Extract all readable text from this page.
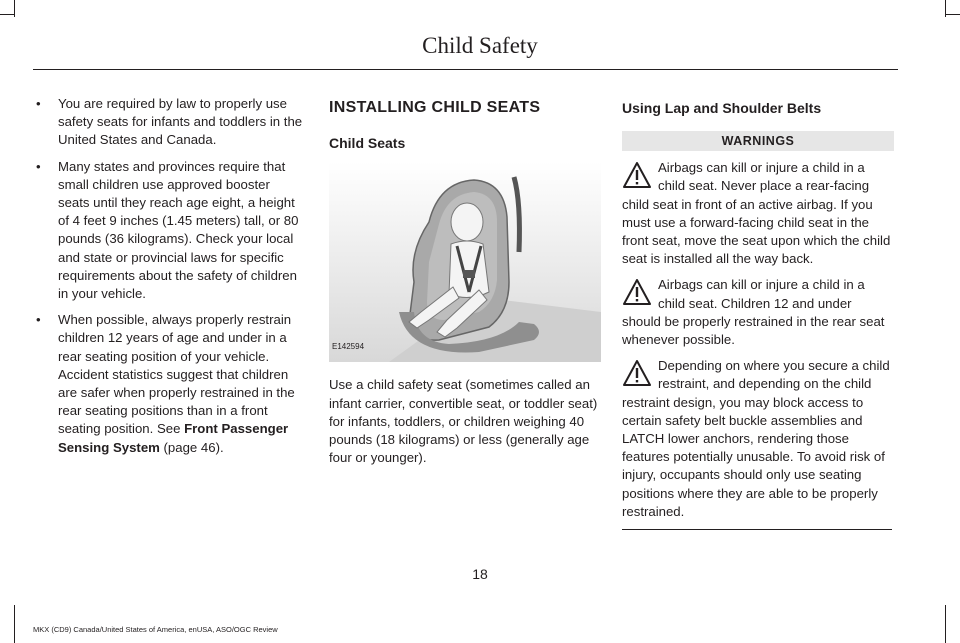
Child Safety
• You are required by law to properly use safety seats for infants and toddlers in the United States and Canada.
• Many states and provinces require that small children use approved booster seats until they reach age eight, a height of 4 feet 9 inches (1.45 meters) tall, or 80 pounds (36 kilograms). Check your local and state or provincial laws for specific requirements about the safety of children in your vehicle.
• When possible, always properly restrain children 12 years of age and under in a rear seating position of your vehicle. Accident statistics suggest that children are safer when properly restrained in the rear seating positions than in a front seating position. See Front Passenger Sensing System (page 46).
INSTALLING CHILD SEATS
Child Seats
E142594

Use a child safety seat (sometimes called an infant carrier, convertible seat, or toddler seat) for infants, toddlers, or children weighing 40 pounds (18 kilograms) or less (generally age four or younger).

Using Lap and Shoulder Belts
WARNINGS
Airbags can kill or injure a child in a child seat. Never place a rear-facing child seat in front of an active airbag. If you must use a forward-facing child seat in the front seat, move the seat upon which the child seat is installed all the way back.
Airbags can kill or injure a child in a child seat. Children 12 and under should be properly restrained in the rear seat whenever possible.
Depending on where you secure a child restraint, and depending on the child restraint design, you may block access to certain safety belt buckle assemblies and LATCH lower anchors, rendering those features potentially unusable. To avoid risk of injury, occupants should only use seating positions where they are able to be properly restrained.
18
MKX (CD9) Canada/United States of America, enUSA, ASO/OGC Review
